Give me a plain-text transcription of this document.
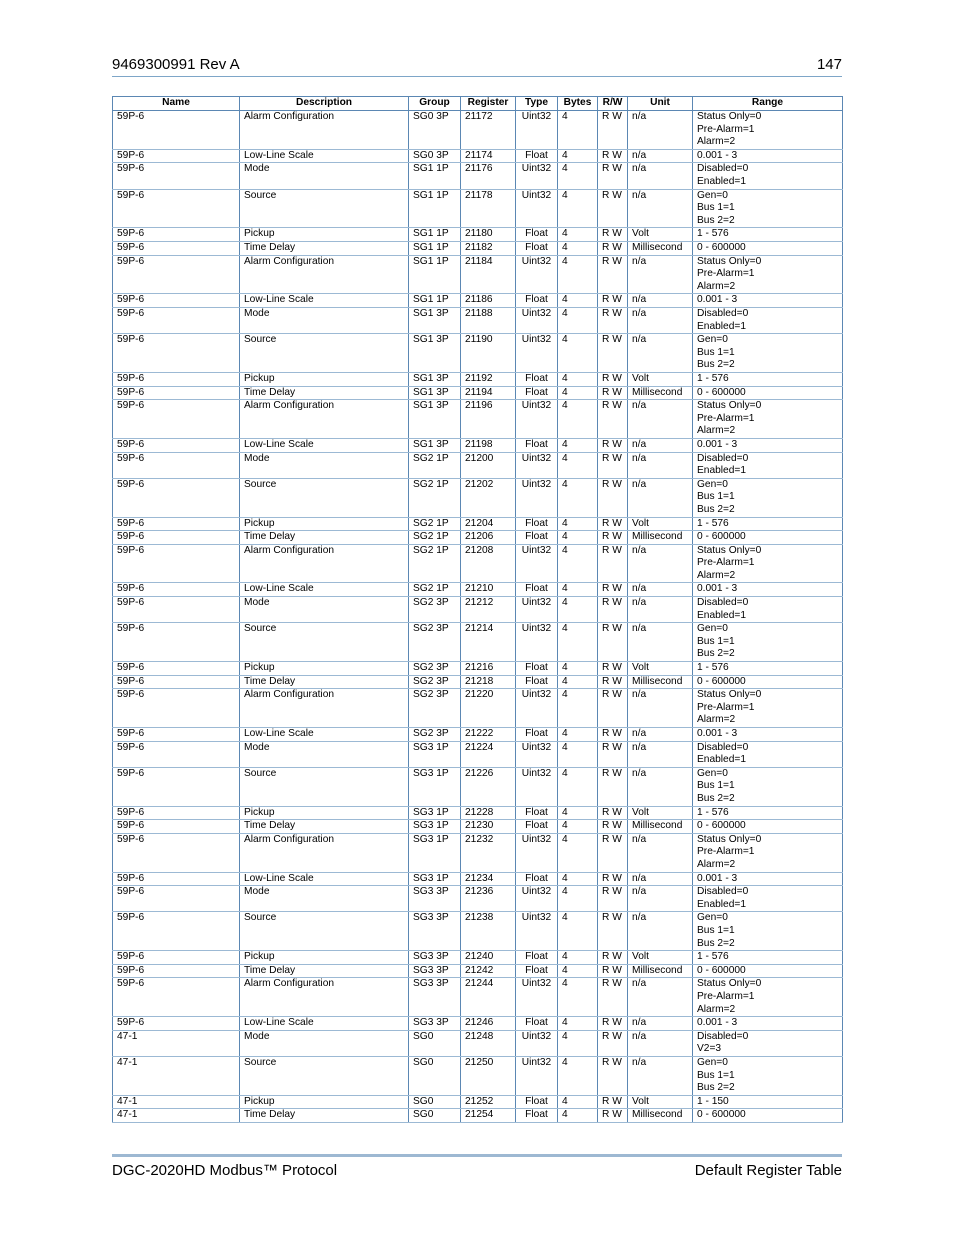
9469300991 Rev A	147
Name	Description	Group	Register	Type	Bytes	R/W	Unit	Range
59P-6	Alarm Configuration	SG0 3P	21172	Uint32	4	R W	n/a	Status Only=0
Pre-Alarm=1
Alarm=2
59P-6	Low-Line Scale	SG0 3P	21174	Float	4	R W	n/a	0.001 - 3
59P-6	Mode	SG1 1P	21176	Uint32	4	R W	n/a	Disabled=0
Enabled=1
59P-6	Source	SG1 1P	21178	Uint32	4	R W	n/a	Gen=0
Bus 1=1
Bus 2=2
59P-6	Pickup	SG1 1P	21180	Float	4	R W	Volt	1 - 576
59P-6	Time Delay	SG1 1P	21182	Float	4	R W	Millisecond	0 - 600000
59P-6	Alarm Configuration	SG1 1P	21184	Uint32	4	R W	n/a	Status Only=0
Pre-Alarm=1
Alarm=2
59P-6	Low-Line Scale	SG1 1P	21186	Float	4	R W	n/a	0.001 - 3
59P-6	Mode	SG1 3P	21188	Uint32	4	R W	n/a	Disabled=0
Enabled=1
59P-6	Source	SG1 3P	21190	Uint32	4	R W	n/a	Gen=0
Bus 1=1
Bus 2=2
59P-6	Pickup	SG1 3P	21192	Float	4	R W	Volt	1 - 576
59P-6	Time Delay	SG1 3P	21194	Float	4	R W	Millisecond	0 - 600000
59P-6	Alarm Configuration	SG1 3P	21196	Uint32	4	R W	n/a	Status Only=0
Pre-Alarm=1
Alarm=2
59P-6	Low-Line Scale	SG1 3P	21198	Float	4	R W	n/a	0.001 - 3
59P-6	Mode	SG2 1P	21200	Uint32	4	R W	n/a	Disabled=0
Enabled=1
59P-6	Source	SG2 1P	21202	Uint32	4	R W	n/a	Gen=0
Bus 1=1
Bus 2=2
59P-6	Pickup	SG2 1P	21204	Float	4	R W	Volt	1 - 576
59P-6	Time Delay	SG2 1P	21206	Float	4	R W	Millisecond	0 - 600000
59P-6	Alarm Configuration	SG2 1P	21208	Uint32	4	R W	n/a	Status Only=0
Pre-Alarm=1
Alarm=2
59P-6	Low-Line Scale	SG2 1P	21210	Float	4	R W	n/a	0.001 - 3
59P-6	Mode	SG2 3P	21212	Uint32	4	R W	n/a	Disabled=0
Enabled=1
59P-6	Source	SG2 3P	21214	Uint32	4	R W	n/a	Gen=0
Bus 1=1
Bus 2=2
59P-6	Pickup	SG2 3P	21216	Float	4	R W	Volt	1 - 576
59P-6	Time Delay	SG2 3P	21218	Float	4	R W	Millisecond	0 - 600000
59P-6	Alarm Configuration	SG2 3P	21220	Uint32	4	R W	n/a	Status Only=0
Pre-Alarm=1
Alarm=2
59P-6	Low-Line Scale	SG2 3P	21222	Float	4	R W	n/a	0.001 - 3
59P-6	Mode	SG3 1P	21224	Uint32	4	R W	n/a	Disabled=0
Enabled=1
59P-6	Source	SG3 1P	21226	Uint32	4	R W	n/a	Gen=0
Bus 1=1
Bus 2=2
59P-6	Pickup	SG3 1P	21228	Float	4	R W	Volt	1 - 576
59P-6	Time Delay	SG3 1P	21230	Float	4	R W	Millisecond	0 - 600000
59P-6	Alarm Configuration	SG3 1P	21232	Uint32	4	R W	n/a	Status Only=0
Pre-Alarm=1
Alarm=2
59P-6	Low-Line Scale	SG3 1P	21234	Float	4	R W	n/a	0.001 - 3
59P-6	Mode	SG3 3P	21236	Uint32	4	R W	n/a	Disabled=0
Enabled=1
59P-6	Source	SG3 3P	21238	Uint32	4	R W	n/a	Gen=0
Bus 1=1
Bus 2=2
59P-6	Pickup	SG3 3P	21240	Float	4	R W	Volt	1 - 576
59P-6	Time Delay	SG3 3P	21242	Float	4	R W	Millisecond	0 - 600000
59P-6	Alarm Configuration	SG3 3P	21244	Uint32	4	R W	n/a	Status Only=0
Pre-Alarm=1
Alarm=2
59P-6	Low-Line Scale	SG3 3P	21246	Float	4	R W	n/a	0.001 - 3
47-1	Mode	SG0	21248	Uint32	4	R W	n/a	Disabled=0
V2=3
47-1	Source	SG0	21250	Uint32	4	R W	n/a	Gen=0
Bus 1=1
Bus 2=2
47-1	Pickup	SG0	21252	Float	4	R W	Volt	1 - 150
47-1	Time Delay	SG0	21254	Float	4	R W	Millisecond	0 - 600000
DGC-2020HD Modbus™ Protocol	Default Register Table
